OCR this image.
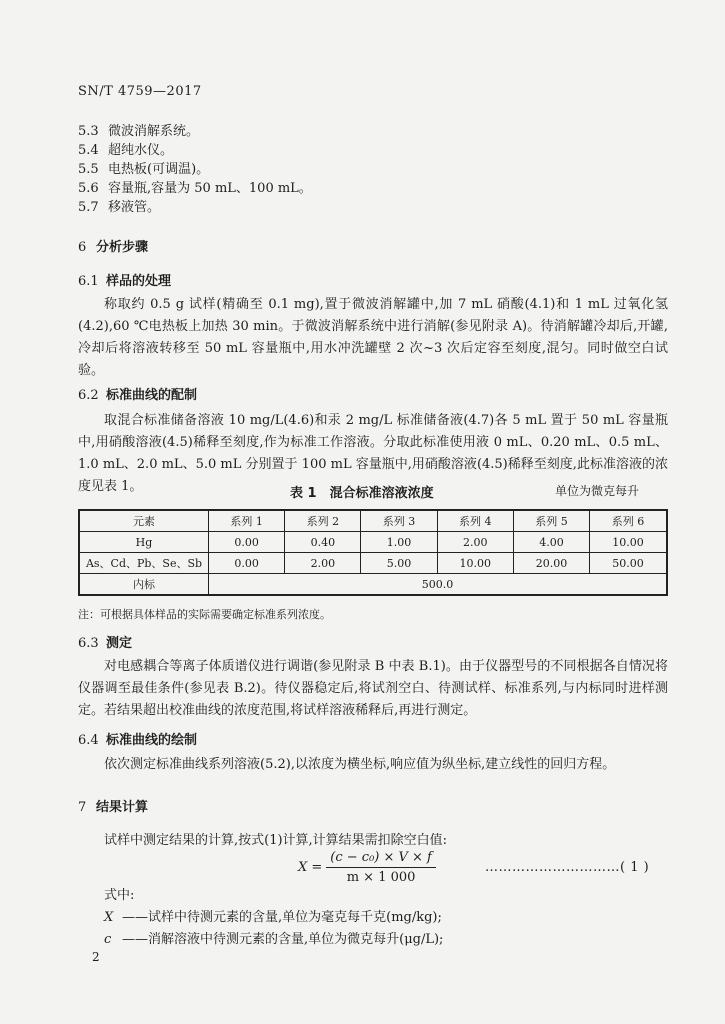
SN/T 4759—2017
5.3 微波消解系统。
5.4 超纯水仪。
5.5 电热板(可调温)。
5.6 容量瓶,容量为 50 mL、100 mL。
5.7 移液管。
6 分析步骤
6.1 样品的处理
称取约 0.5 g 试样(精确至 0.1 mg),置于微波消解罐中,加 7 mL 硝酸(4.1)和 1 mL 过氧化氢(4.2),60 ℃电热板上加热 30 min。于微波消解系统中进行消解(参见附录 A)。待消解罐冷却后,开罐,冷却后将溶液转移至 50 mL 容量瓶中,用水冲洗罐壁 2 次~3 次后定容至刻度,混匀。同时做空白试验。
6.2 标准曲线的配制
取混合标准储备溶液 10 mg/L(4.6)和汞 2 mg/L 标准储备液(4.7)各 5 mL 置于 50 mL 容量瓶中,用硝酸溶液(4.5)稀释至刻度,作为标准工作溶液。分取此标准使用液 0 mL、0.20 mL、0.5 mL、1.0 mL、2.0 mL、5.0 mL 分别置于 100 mL 容量瓶中,用硝酸溶液(4.5)稀释至刻度,此标准溶液的浓度见表 1。	表 1　混合标准溶液浓度	单位为微克每升
元素	系列 1	系列 2	系列 3	系列 4	系列 5	系列 6
Hg	0.00	0.40	1.00	2.00	4.00	10.00
As、Cd、Pb、Se、Sb	0.00	2.00	5.00	10.00	20.00	50.00
内标	500.0					
注：可根据具体样品的实际需要确定标准系列浓度。
6.3 测定
对电感耦合等离子体质谱仪进行调谐(参见附录 B 中表 B.1)。由于仪器型号的不同根据各自情况将仪器调至最佳条件(参见表 B.2)。待仪器稳定后,将试剂空白、待测试样、标准系列,与内标同时进样测定。若结果超出校准曲线的浓度范围,将试样溶液稀释后,再进行测定。
6.4 标准曲线的绘制
依次测定标准曲线系列溶液(5.2),以浓度为横坐标,响应值为纵坐标,建立线性的回归方程。
7 结果计算
试样中测定结果的计算,按式(1)计算,计算结果需扣除空白值:
$X = \frac{\text{(c − c₀) × V × f}}{m \times 1 000}$	…………………………( 1 )
式中:
X ——试样中待测元素的含量,单位为毫克每千克(mg/kg);
c ——消解溶液中待测元素的含量,单位为微克每升(μg/L);
2
